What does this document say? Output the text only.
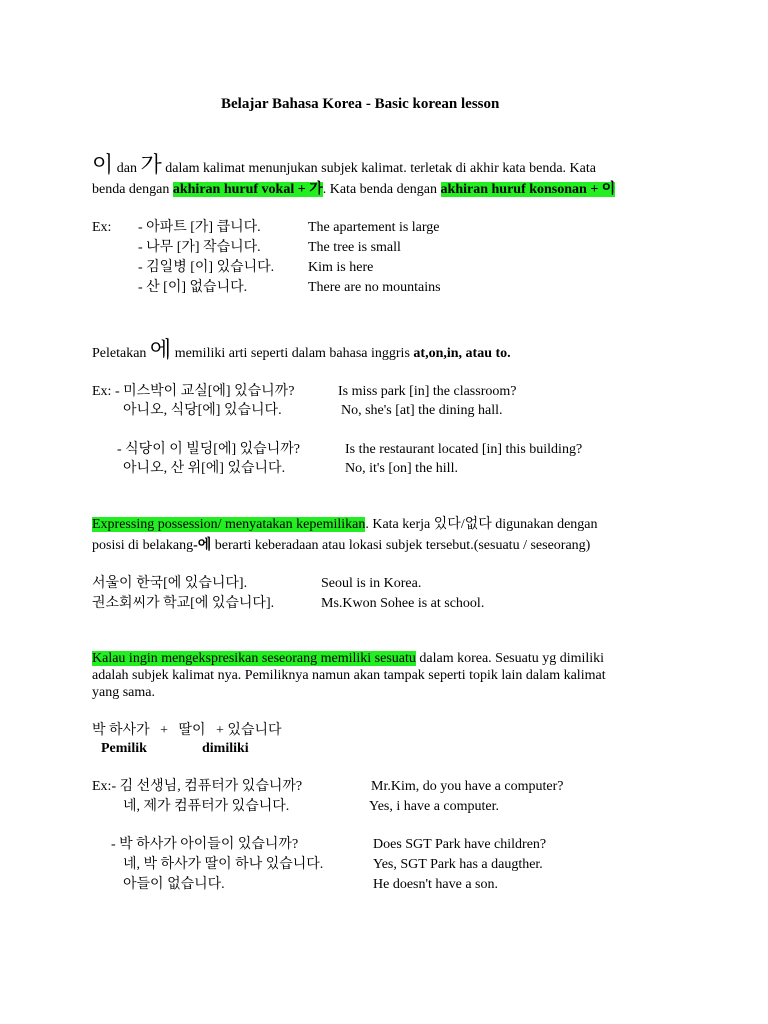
Belajar Bahasa Korea - Basic korean lesson
이 dan 가 dalam kalimat menunjukan subjek kalimat. terletak di akhir kata benda. Kata
benda dengan akhiran huruf vokal + 가. Kata benda dengan akhiran huruf konsonan + 이
Ex: - 아파트 [가] 큽니다.	The apartement is large
- 나무 [가] 작습니다.	The tree is small
- 김일병 [이] 있습니다. Kim is here
- 산 [이] 없습니다.	There are no mountains
Peletakan 에 memiliki arti seperti dalam bahasa inggris at,on,in, atau to.
Ex: - 미스박이 교실[에] 있습니까?	Is miss park [in] the classroom?
아니오, 식당[에] 있습니다.	No, she's [at] the dining hall.
- 식당이 이 빌딩[에] 있습니까?	Is the restaurant located [in] this building?
아니오, 산 위[에] 있습니다.	No, it's [on] the hill.
Expressing possession/ menyatakan kepemilikan. Kata kerja 있다/없다 digunakan dengan
posisi di belakang-에 berarti keberadaan atau lokasi subjek tersebut.(sesuatu / seseorang)
서울이 한국[에 있습니다].	Seoul is in Korea.
권소회씨가 학교[에 있습니다].	Ms.Kwon Sohee is at school.
Kalau ingin mengekspresikan seseorang memiliki sesuatu dalam korea. Sesuatu yg dimiliki
adalah subjek kalimat nya. Pemiliknya namun akan tampak seperti topik lain dalam kalimat
yang sama.
박 하사가   +   딸이   + 있습니다
Pemilik	dimiliki
Ex:- 김 선생님, 컴퓨터가 있습니까?	Mr.Kim, do you have a computer?
네, 제가 컴퓨터가 있습니다.	Yes, i have a computer.
- 박 하사가 아이들이 있습니까?	Does SGT Park have children?
네, 박 하사가 딸이 하나 있습니다.	Yes, SGT Park has a daugther.
아들이 없습니다.	He doesn't have a son.
